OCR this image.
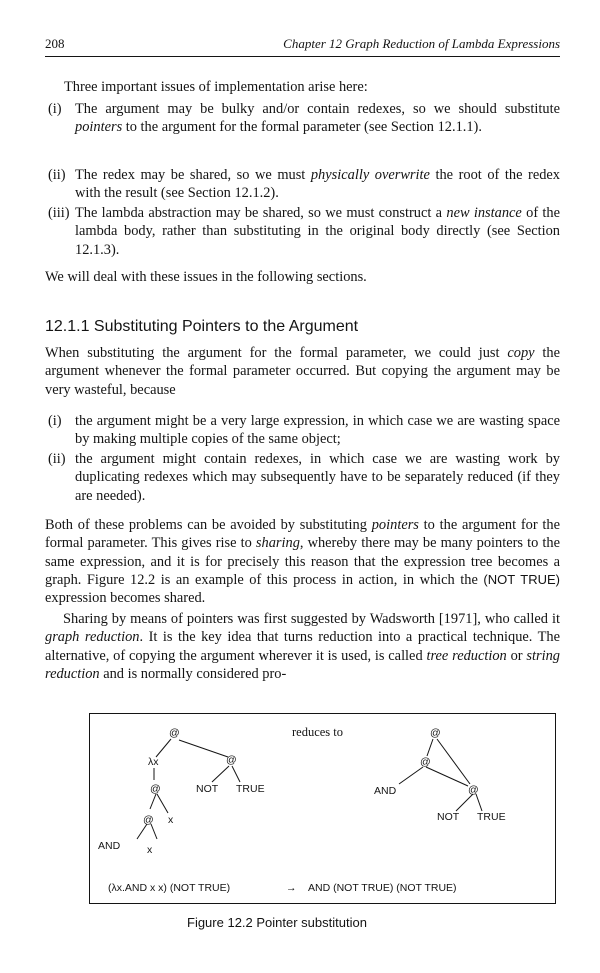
208	Chapter 12 Graph Reduction of Lambda Expressions
Three important issues of implementation arise here:
(i) The argument may be bulky and/or contain redexes, so we should substitute pointers to the argument for the formal parameter (see Section 12.1.1).
(ii) The redex may be shared, so we must physically overwrite the root of the redex with the result (see Section 12.1.2).
(iii) The lambda abstraction may be shared, so we must construct a new instance of the lambda body, rather than substituting in the original body directly (see Section 12.1.3).
We will deal with these issues in the following sections.
12.1.1 Substituting Pointers to the Argument
When substituting the argument for the formal parameter, we could just copy the argument whenever the formal parameter occurred. But copying the argument may be very wasteful, because
(i) the argument might be a very large expression, in which case we are wasting space by making multiple copies of the same object;
(ii) the argument might contain redexes, in which case we are wasting work by duplicating redexes which may subsequently have to be separately reduced (if they are needed).
Both of these problems can be avoided by substituting pointers to the argument for the formal parameter. This gives rise to sharing, whereby there may be many pointers to the same expression, and it is for precisely this reason that the expression tree becomes a graph. Figure 12.2 is an example of this process in action, in which the (NOT TRUE) expression becomes shared.
Sharing by means of pointers was first suggested by Wadsworth [1971], who called it graph reduction. It is the key idea that turns reduction into a practical technique. The alternative, of copying the argument wherever it is used, is called tree reduction or string reduction and is normally considered pro-
@
λx
@
@ x
AND	x
@
NOT TRUE
@
@
AND	@
NOT TRUE
(λx.AND x x) (NOT TRUE)	→ AND (NOT TRUE) (NOT TRUE)
reduces to
Figure 12.2 Pointer substitution
